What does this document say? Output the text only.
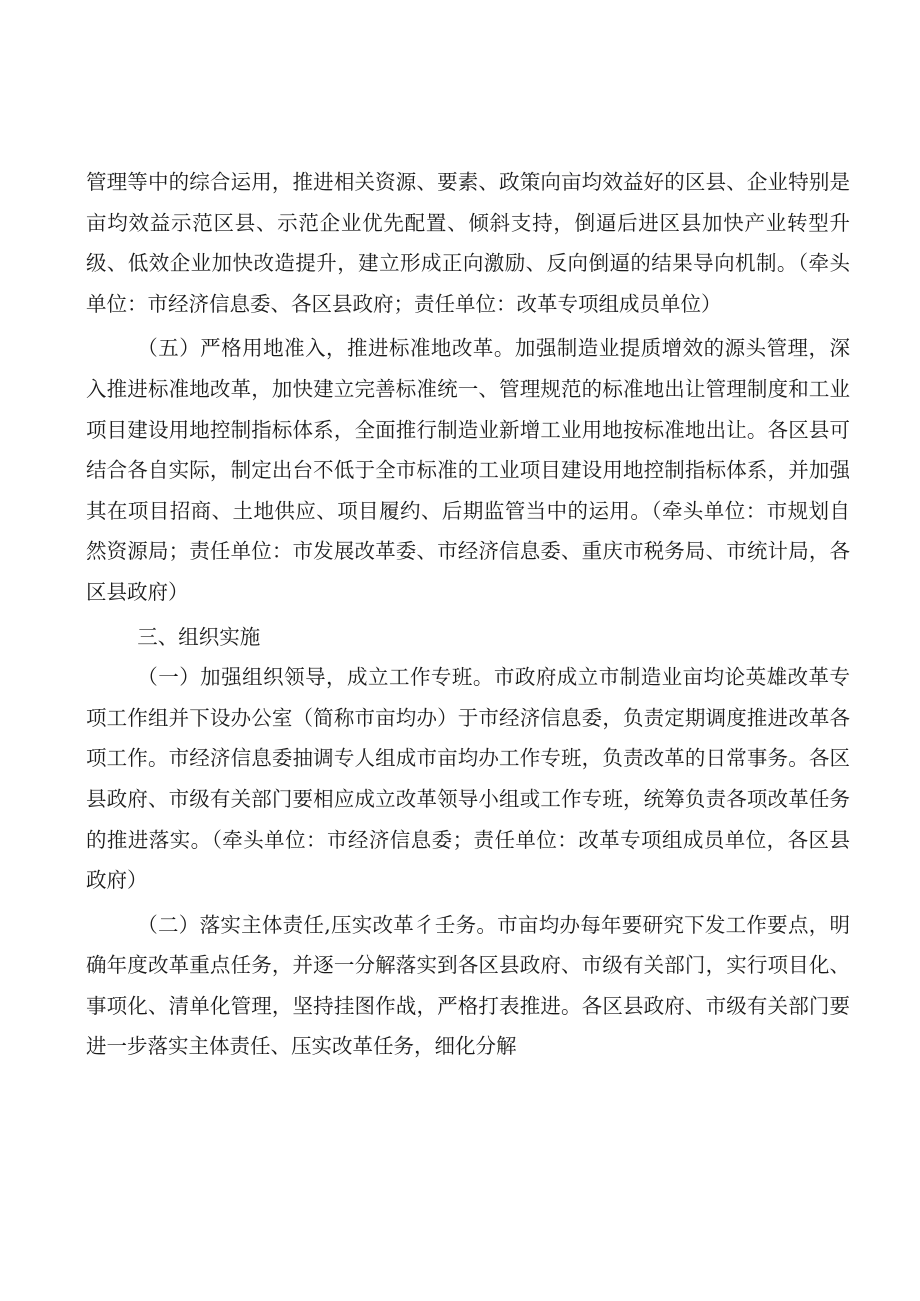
管理等中的综合运用，推进相关资源、要素、政策向亩均效益好的区县、企业特别是亩均效益示范区县、示范企业优先配置、倾斜支持，倒逼后进区县加快产业转型升级、低效企业加快改造提升，建立形成正向激励、反向倒逼的结果导向机制。（牵头单位：市经济信息委、各区县政府；责任单位：改革专项组成员单位）

（五）严格用地准入，推进标准地改革。加强制造业提质增效的源头管理，深入推进标准地改革，加快建立完善标准统一、管理规范的标准地出让管理制度和工业项目建设用地控制指标体系，全面推行制造业新增工业用地按标准地出让。各区县可结合各自实际，制定出台不低于全市标准的工业项目建设用地控制指标体系，并加强其在项目招商、土地供应、项目履约、后期监管当中的运用。（牵头单位：市规划自然资源局；责任单位：市发展改革委、市经济信息委、重庆市税务局、市统计局，各区县政府）

三、组织实施

（一）加强组织领导，成立工作专班。市政府成立市制造业亩均论英雄改革专项工作组并下设办公室（简称市亩均办）于市经济信息委，负责定期调度推进改革各项工作。市经济信息委抽调专人组成市亩均办工作专班，负责改革的日常事务。各区县政府、市级有关部门要相应成立改革领导小组或工作专班，统筹负责各项改革任务的推进落实。（牵头单位：市经济信息委；责任单位：改革专项组成员单位，各区县政府）

（二）落实主体责任,压实改革彳壬务。市亩均办每年要研究下发工作要点，明确年度改革重点任务，并逐一分解落实到各区县政府、市级有关部门，实行项目化、事项化、清单化管理，坚持挂图作战，严格打表推进。各区县政府、市级有关部门要进一步落实主体责任、压实改革任务，细化分解
